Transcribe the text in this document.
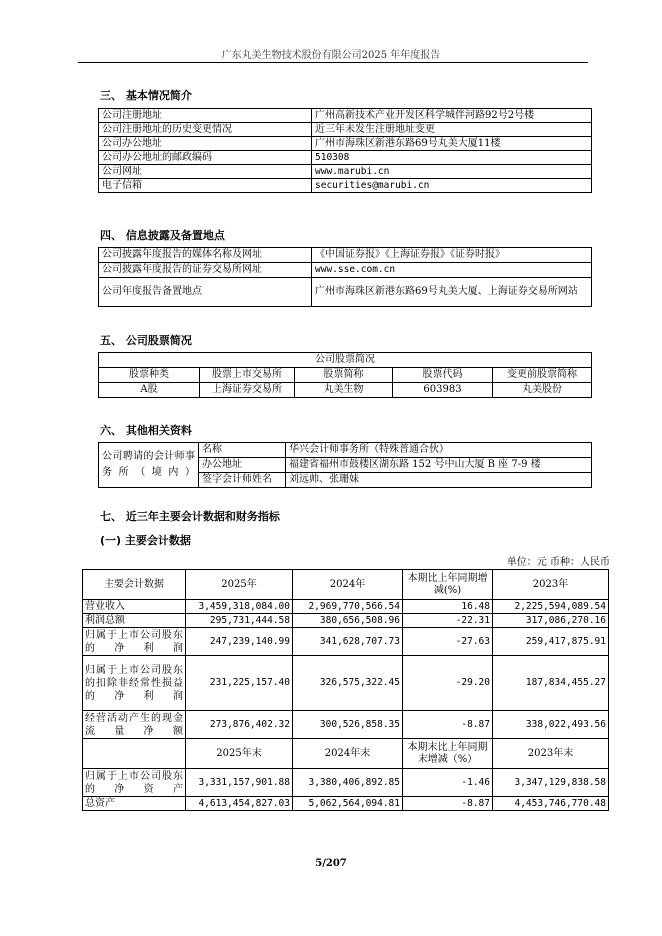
广东丸美生物技术股份有限公司2025 年年度报告
三、 基本情况简介
公司注册地址	广州高新技术产业开发区科学城伴河路92号2号楼
公司注册地址的历史变更情况	近三年未发生注册地址变更
公司办公地址	广州市海珠区新港东路69号丸美大厦11楼
公司办公地址的邮政编码	510308
公司网址	www.marubi.cn
电子信箱	securities@marubi.cn
四、 信息披露及备置地点
公司披露年度报告的媒体名称及网址	《中国证券报》《上海证券报》《证券时报》
公司披露年度报告的证券交易所网址	www.sse.com.cn
公司年度报告备置地点	广州市海珠区新港东路69号丸美大厦、上海证券交易所网站
五、 公司股票简况
公司股票简况				
股票种类	股票上市交易所	股票简称	股票代码	变更前股票简称
A股	上海证券交易所	丸美生物	603983	丸美股份
六、 其他相关资料
公司聘请的会计师事务所（境内）	名称	华兴会计师事务所（特殊普通合伙）
	办公地址	福建省福州市鼓楼区湖东路 152 号中山大厦 B 座 7-9 楼
	签字会计师姓名	刘远帅、张珊妹
七、 近三年主要会计数据和财务指标
(一) 主要会计数据
单位：元 币种：人民币
主要会计数据	2025年	2024年	本期比上年同期增减(%)	2023年
营业收入	3,459,318,084.00	2,969,770,566.54	16.48	2,225,594,089.54
利润总额	295,731,444.58	380,656,508.96	-22.31	317,086,270.16
归属于上市公司股东的净利润	247,239,140.99	341,628,707.73	-27.63	259,417,875.91
归属于上市公司股东的扣除非经常性损益的净利润	231,225,157.40	326,575,322.45	-29.20	187,834,455.27
经营活动产生的现金流量净额	273,876,402.32	300,526,858.35	-8.87	338,022,493.56
	2025年末	2024年末	本期末比上年同期末增减（%）	2023年末
归属于上市公司股东的净资产	3,331,157,901.88	3,380,406,892.85	-1.46	3,347,129,838.58
总资产	4,613,454,827.03	5,062,564,094.81	-8.87	4,453,746,770.48
5/207
